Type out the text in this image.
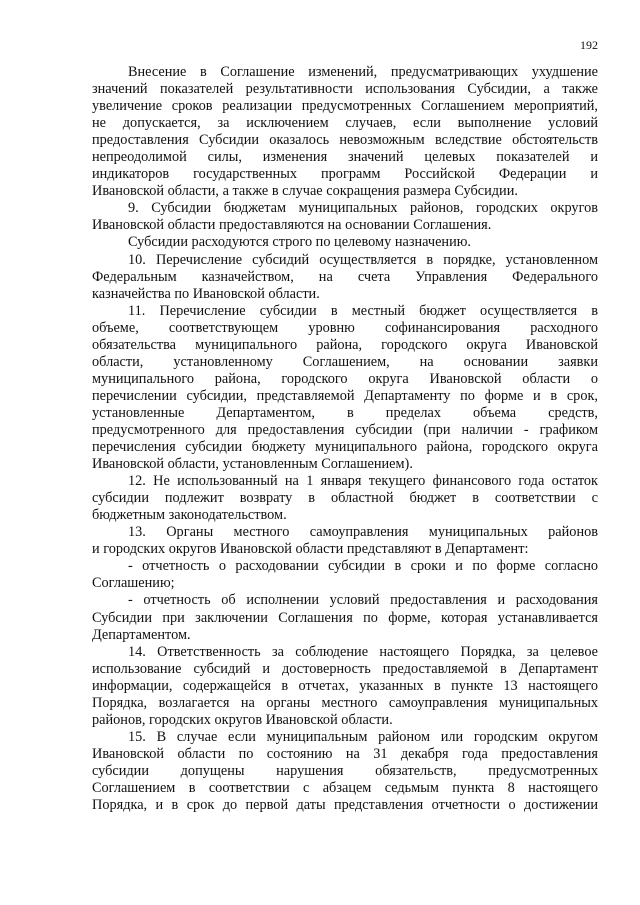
192

Внесение в Соглашение изменений, предусматривающих ухудшение

значений показателей результативности использования Субсидии, а также

увеличение сроков реализации предусмотренных Соглашением мероприятий,

не допускается, за исключением случаев, если выполнение условий

предоставления Субсидии оказалось невозможным вследствие обстоятельств

непреодолимой силы, изменения значений целевых показателей и

индикаторов государственных программ Российской Федерации и

Ивановской области, а также в случае сокращения размера Субсидии.

9. Субсидии бюджетам муниципальных районов, городских округов

Ивановской области предоставляются на основании Соглашения.

Субсидии расходуются строго по целевому назначению.

10. Перечисление субсидий осуществляется в порядке, установленном

Федеральным казначейством, на счета Управления Федерального

казначейства по Ивановской области.

11. Перечисление субсидии в местный бюджет осуществляется в

объеме, соответствующем уровню софинансирования расходного

обязательства муниципального района, городского округа Ивановской

области, установленному Соглашением, на основании заявки

муниципального района, городского округа Ивановской области о

перечислении субсидии, представляемой Департаменту по форме и в срок,

установленные Департаментом, в пределах объема средств,

предусмотренного для предоставления субсидии (при наличии - графиком

перечисления субсидии бюджету муниципального района, городского округа

Ивановской области, установленным Соглашением).

12. Не использованный на 1 января текущего финансового года остаток

субсидии подлежит возврату в областной бюджет в соответствии с

бюджетным законодательством.

13. Органы местного самоуправления муниципальных районов

и городских округов Ивановской области представляют в Департамент:

- отчетность о расходовании субсидии в сроки и по форме согласно

Соглашению;

- отчетность об исполнении условий предоставления и расходования

Субсидии при заключении Соглашения по форме, которая устанавливается

Департаментом.

14. Ответственность за соблюдение настоящего Порядка, за целевое

использование субсидий и достоверность предоставляемой в Департамент

информации, содержащейся в отчетах, указанных в пункте 13 настоящего

Порядка, возлагается на органы местного самоуправления муниципальных

районов, городских округов Ивановской области.

15. В случае если муниципальным районом или городским округом

Ивановской области по состоянию на 31 декабря года предоставления

субсидии допущены нарушения обязательств, предусмотренных

Соглашением в соответствии с абзацем седьмым пункта 8 настоящего

Порядка, и в срок до первой даты представления отчетности о достижении
